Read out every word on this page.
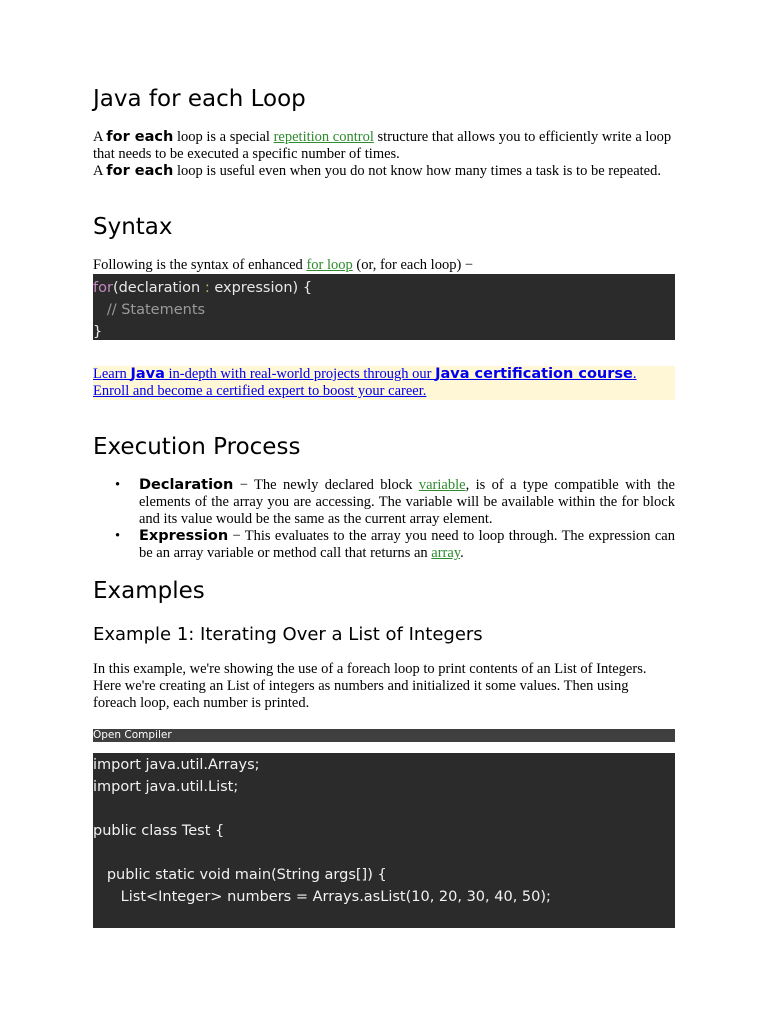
Java for each Loop

A for each loop is a special repetition control structure that allows you to efficiently write a loop that needs to be executed a specific number of times.

A for each loop is useful even when you do not know how many times a task is to be repeated.

Syntax

Following is the syntax of enhanced for loop (or, for each loop) −

for(declaration : expression) {
// Statements
}
Learn Java in-depth with real-world projects through our Java certification course. Enroll and become a certified expert to boost your career.
Execution Process
• Declaration − The newly declared block variable, is of a type compatible with the elements of the array you are accessing. The variable will be available within the for block and its value would be the same as the current array element.
• Expression − This evaluates to the array you need to loop through. The expression can be an array variable or method call that returns an array.
Examples
Example 1: Iterating Over a List of Integers

In this example, we're showing the use of a foreach loop to print contents of an List of Integers. Here we're creating an List of integers as numbers and initialized it some values. Then using foreach loop, each number is printed.

Open Compiler
import java.util.Arrays;
import java.util.List;

public class Test {

public static void main(String args[]) {
List<Integer> numbers = Arrays.asList(10, 20, 30, 40, 50);
